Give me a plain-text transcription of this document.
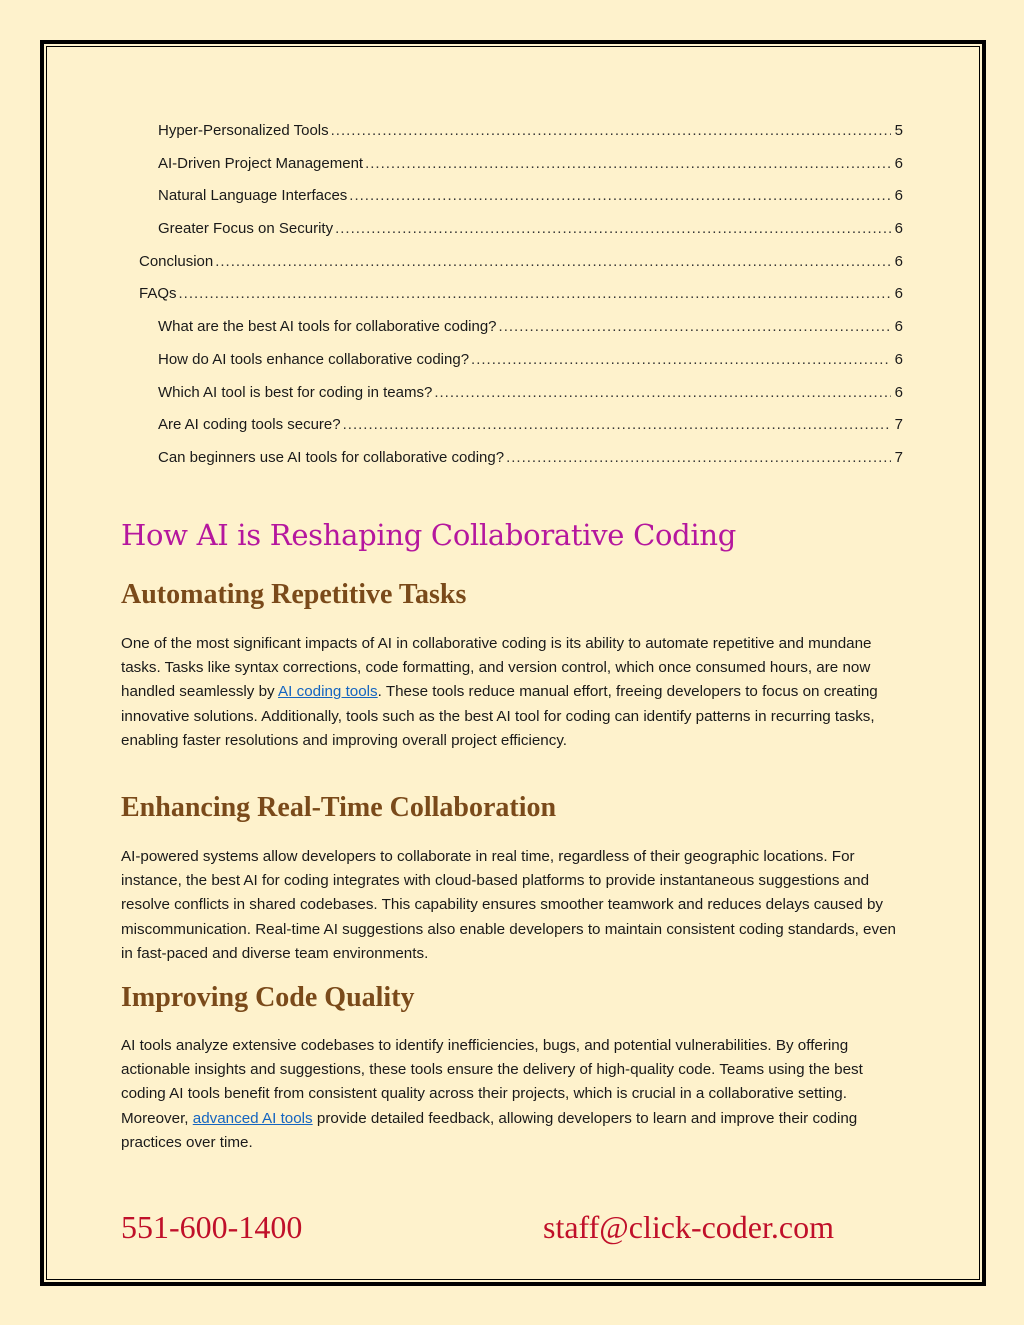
Hyper-Personalized Tools .....	5
AI-Driven Project Management .....	6
Natural Language Interfaces .....	6
Greater Focus on Security .....	6
Conclusion .....	6
FAQs .....	6
What are the best AI tools for collaborative coding? .....	6
How do AI tools enhance collaborative coding? .....	6
Which AI tool is best for coding in teams? .....	6
Are AI coding tools secure? .....	7
Can beginners use AI tools for collaborative coding? .....	7
How AI is Reshaping Collaborative Coding
Automating Repetitive Tasks

One of the most significant impacts of AI in collaborative coding is its ability to automate repetitive and mundane tasks. Tasks like syntax corrections, code formatting, and version control, which once consumed hours, are now handled seamlessly by AI coding tools. These tools reduce manual effort, freeing developers to focus on creating innovative solutions. Additionally, tools such as the best AI tool for coding can identify patterns in recurring tasks, enabling faster resolutions and improving overall project efficiency.

Enhancing Real-Time Collaboration

AI-powered systems allow developers to collaborate in real time, regardless of their geographic locations. For instance, the best AI for coding integrates with cloud-based platforms to provide instantaneous suggestions and resolve conflicts in shared codebases. This capability ensures smoother teamwork and reduces delays caused by miscommunication. Real-time AI suggestions also enable developers to maintain consistent coding standards, even in fast-paced and diverse team environments.

Improving Code Quality

AI tools analyze extensive codebases to identify inefficiencies, bugs, and potential vulnerabilities. By offering actionable insights and suggestions, these tools ensure the delivery of high-quality code. Teams using the best coding AI tools benefit from consistent quality across their projects, which is crucial in a collaborative setting. Moreover, advanced AI tools provide detailed feedback, allowing developers to learn and improve their coding practices over time.

551-600-1400	staff@click-coder.com
